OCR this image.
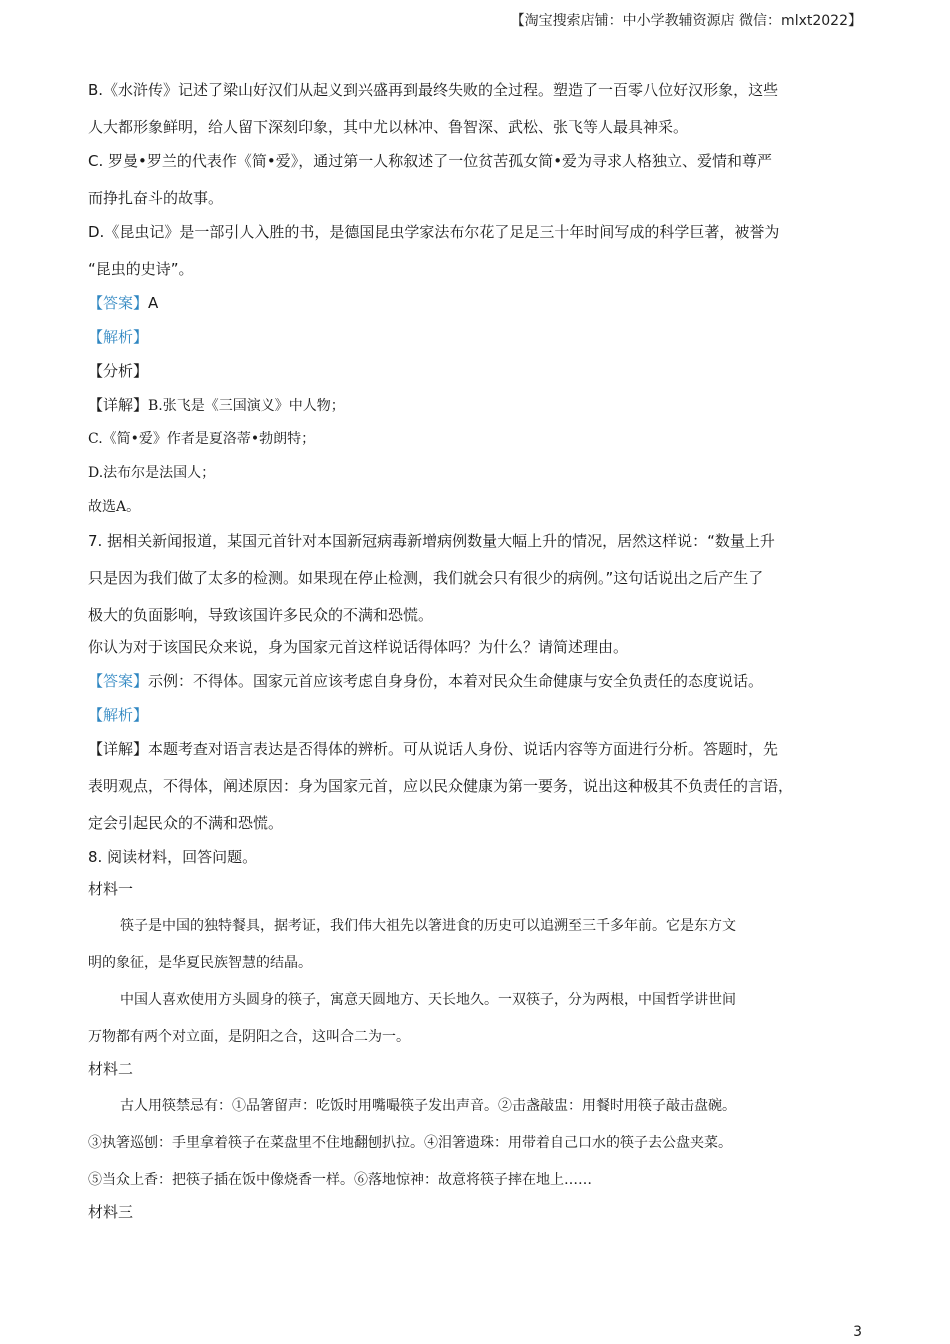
【淘宝搜索店铺：中小学教辅资源店 微信：mlxt2022】
B.《水浒传》记述了梁山好汉们从起义到兴盛再到最终失败的全过程。塑造了一百零八位好汉形象，这些
人大都形象鲜明，给人留下深刻印象，其中尤以林冲、鲁智深、武松、张飞等人最具神采。
C. 罗曼•罗兰的代表作《简•爱》，通过第一人称叙述了一位贫苦孤女简•爱为寻求人格独立、爱情和尊严
而挣扎奋斗的故事。
D.《昆虫记》是一部引人入胜的书，是德国昆虫学家法布尔花了足足三十年时间写成的科学巨著，被誉为
“昆虫的史诗”。
【答案】A
【解析】
【分析】
【详解】B.张飞是《三国演义》中人物；
C.《简•爱》作者是夏洛蒂•勃朗特；
D.法布尔是法国人；
故选A。
7. 据相关新闻报道，某国元首针对本国新冠病毒新增病例数量大幅上升的情况，居然这样说：“数量上升
只是因为我们做了太多的检测。如果现在停止检测，我们就会只有很少的病例。”这句话说出之后产生了
极大的负面影响，导致该国许多民众的不满和恐慌。
你认为对于该国民众来说，身为国家元首这样说话得体吗？为什么？请简述理由。
【答案】示例：不得体。国家元首应该考虑自身身份，本着对民众生命健康与安全负责任的态度说话。
【解析】
【详解】本题考查对语言表达是否得体的辨析。可从说话人身份、说话内容等方面进行分析。答题时，先
表明观点，不得体，阐述原因：身为国家元首，应以民众健康为第一要务，说出这种极其不负责任的言语，
定会引起民众的不满和恐慌。
8. 阅读材料，回答问题。
材料一
筷子是中国的独特餐具，据考证，我们伟大祖先以箸进食的历史可以追溯至三千多年前。它是东方文
明的象征，是华夏民族智慧的结晶。
中国人喜欢使用方头圆身的筷子，寓意天圆地方、天长地久。一双筷子，分为两根，中国哲学讲世间
万物都有两个对立面，是阴阳之合，这叫合二为一。
材料二
古人用筷禁忌有：①品箸留声：吃饭时用嘴嘬筷子发出声音。②击盏敲盅：用餐时用筷子敲击盘碗。
③执箸巡刨：手里拿着筷子在菜盘里不住地翻刨扒拉。④泪箸遗珠：用带着自己口水的筷子去公盘夹菜。
⑤当众上香：把筷子插在饭中像烧香一样。⑥落地惊神：故意将筷子摔在地上……
材料三
3
